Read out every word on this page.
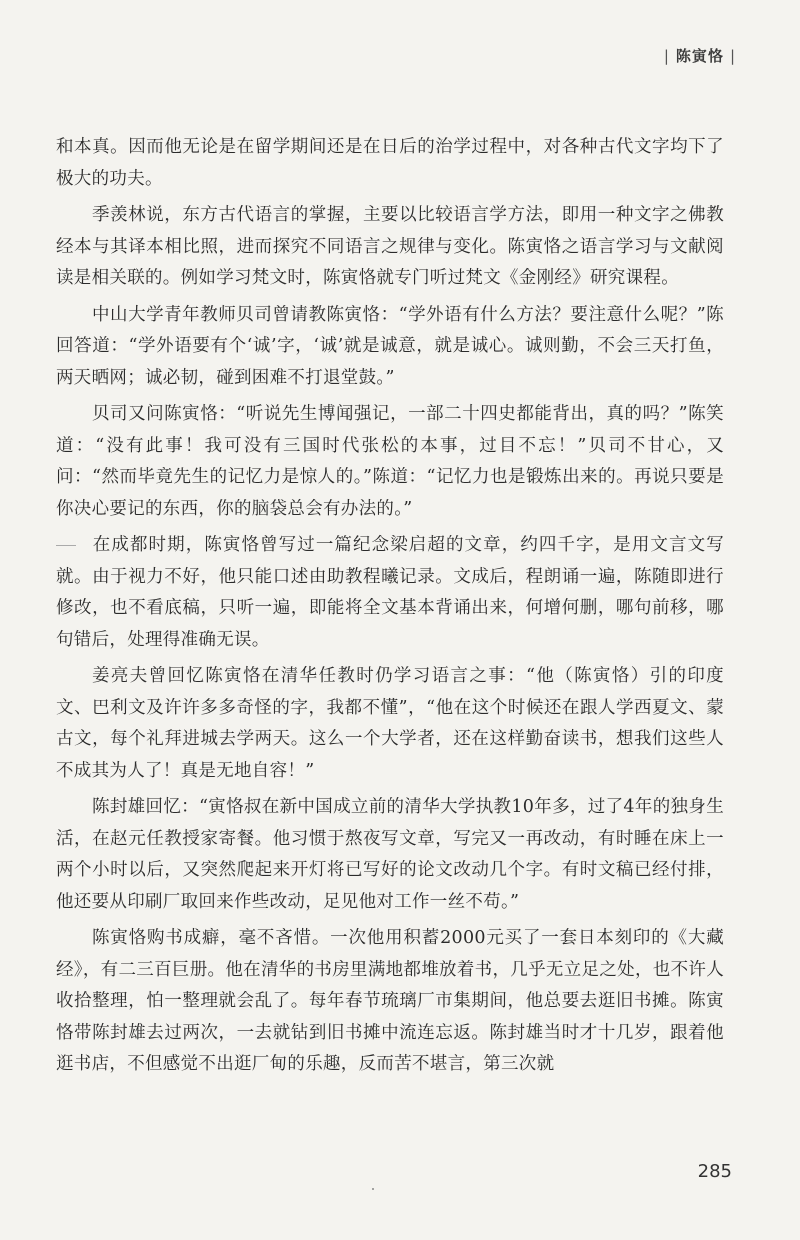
| 陈寅恪 |

和本真。因而他无论是在留学期间还是在日后的治学过程中，对各种古代文字均下了极大的功夫。

季羡林说，东方古代语言的掌握，主要以比较语言学方法，即用一种文字之佛教经本与其译本相比照，进而探究不同语言之规律与变化。陈寅恪之语言学习与文献阅读是相关联的。例如学习梵文时，陈寅恪就专门听过梵文《金刚经》研究课程。

中山大学青年教师贝司曾请教陈寅恪：“学外语有什么方法？要注意什么呢？”陈回答道：“学外语要有个‘诚’字，‘诚’就是诚意，就是诚心。诚则勤，不会三天打鱼，两天晒网；诚必韧，碰到困难不打退堂鼓。”

贝司又问陈寅恪：“听说先生博闻强记，一部二十四史都能背出，真的吗？”陈笑道：“没有此事！我可没有三国时代张松的本事，过目不忘！”贝司不甘心，又问：“然而毕竟先生的记忆力是惊人的。”陈道：“记忆力也是锻炼出来的。再说只要是你决心要记的东西，你的脑袋总会有办法的。”

在成都时期，陈寅恪曾写过一篇纪念梁启超的文章，约四千字，是用文言文写就。由于视力不好，他只能口述由助教程曦记录。文成后，程朗诵一遍，陈随即进行修改，也不看底稿，只听一遍，即能将全文基本背诵出来，何增何删，哪句前移，哪句错后，处理得准确无误。

姜亮夫曾回忆陈寅恪在清华任教时仍学习语言之事：“他（陈寅恪）引的印度文、巴利文及许许多多奇怪的字，我都不懂”，“他在这个时候还在跟人学西夏文、蒙古文，每个礼拜进城去学两天。这么一个大学者，还在这样勤奋读书，想我们这些人不成其为人了！真是无地自容！”

陈封雄回忆：“寅恪叔在新中国成立前的清华大学执教10年多，过了4年的独身生活，在赵元任教授家寄餐。他习惯于熬夜写文章，写完又一再改动，有时睡在床上一两个小时以后，又突然爬起来开灯将已写好的论文改动几个字。有时文稿已经付排，他还要从印刷厂取回来作些改动，足见他对工作一丝不苟。”

陈寅恪购书成癖，毫不吝惜。一次他用积蓄2000元买了一套日本刻印的《大藏经》，有二三百巨册。他在清华的书房里满地都堆放着书，几乎无立足之处，也不许人收拾整理，怕一整理就会乱了。每年春节琉璃厂市集期间，他总要去逛旧书摊。陈寅恪带陈封雄去过两次，一去就钻到旧书摊中流连忘返。陈封雄当时才十几岁，跟着他逛书店，不但感觉不出逛厂甸的乐趣，反而苦不堪言，第三次就

285
